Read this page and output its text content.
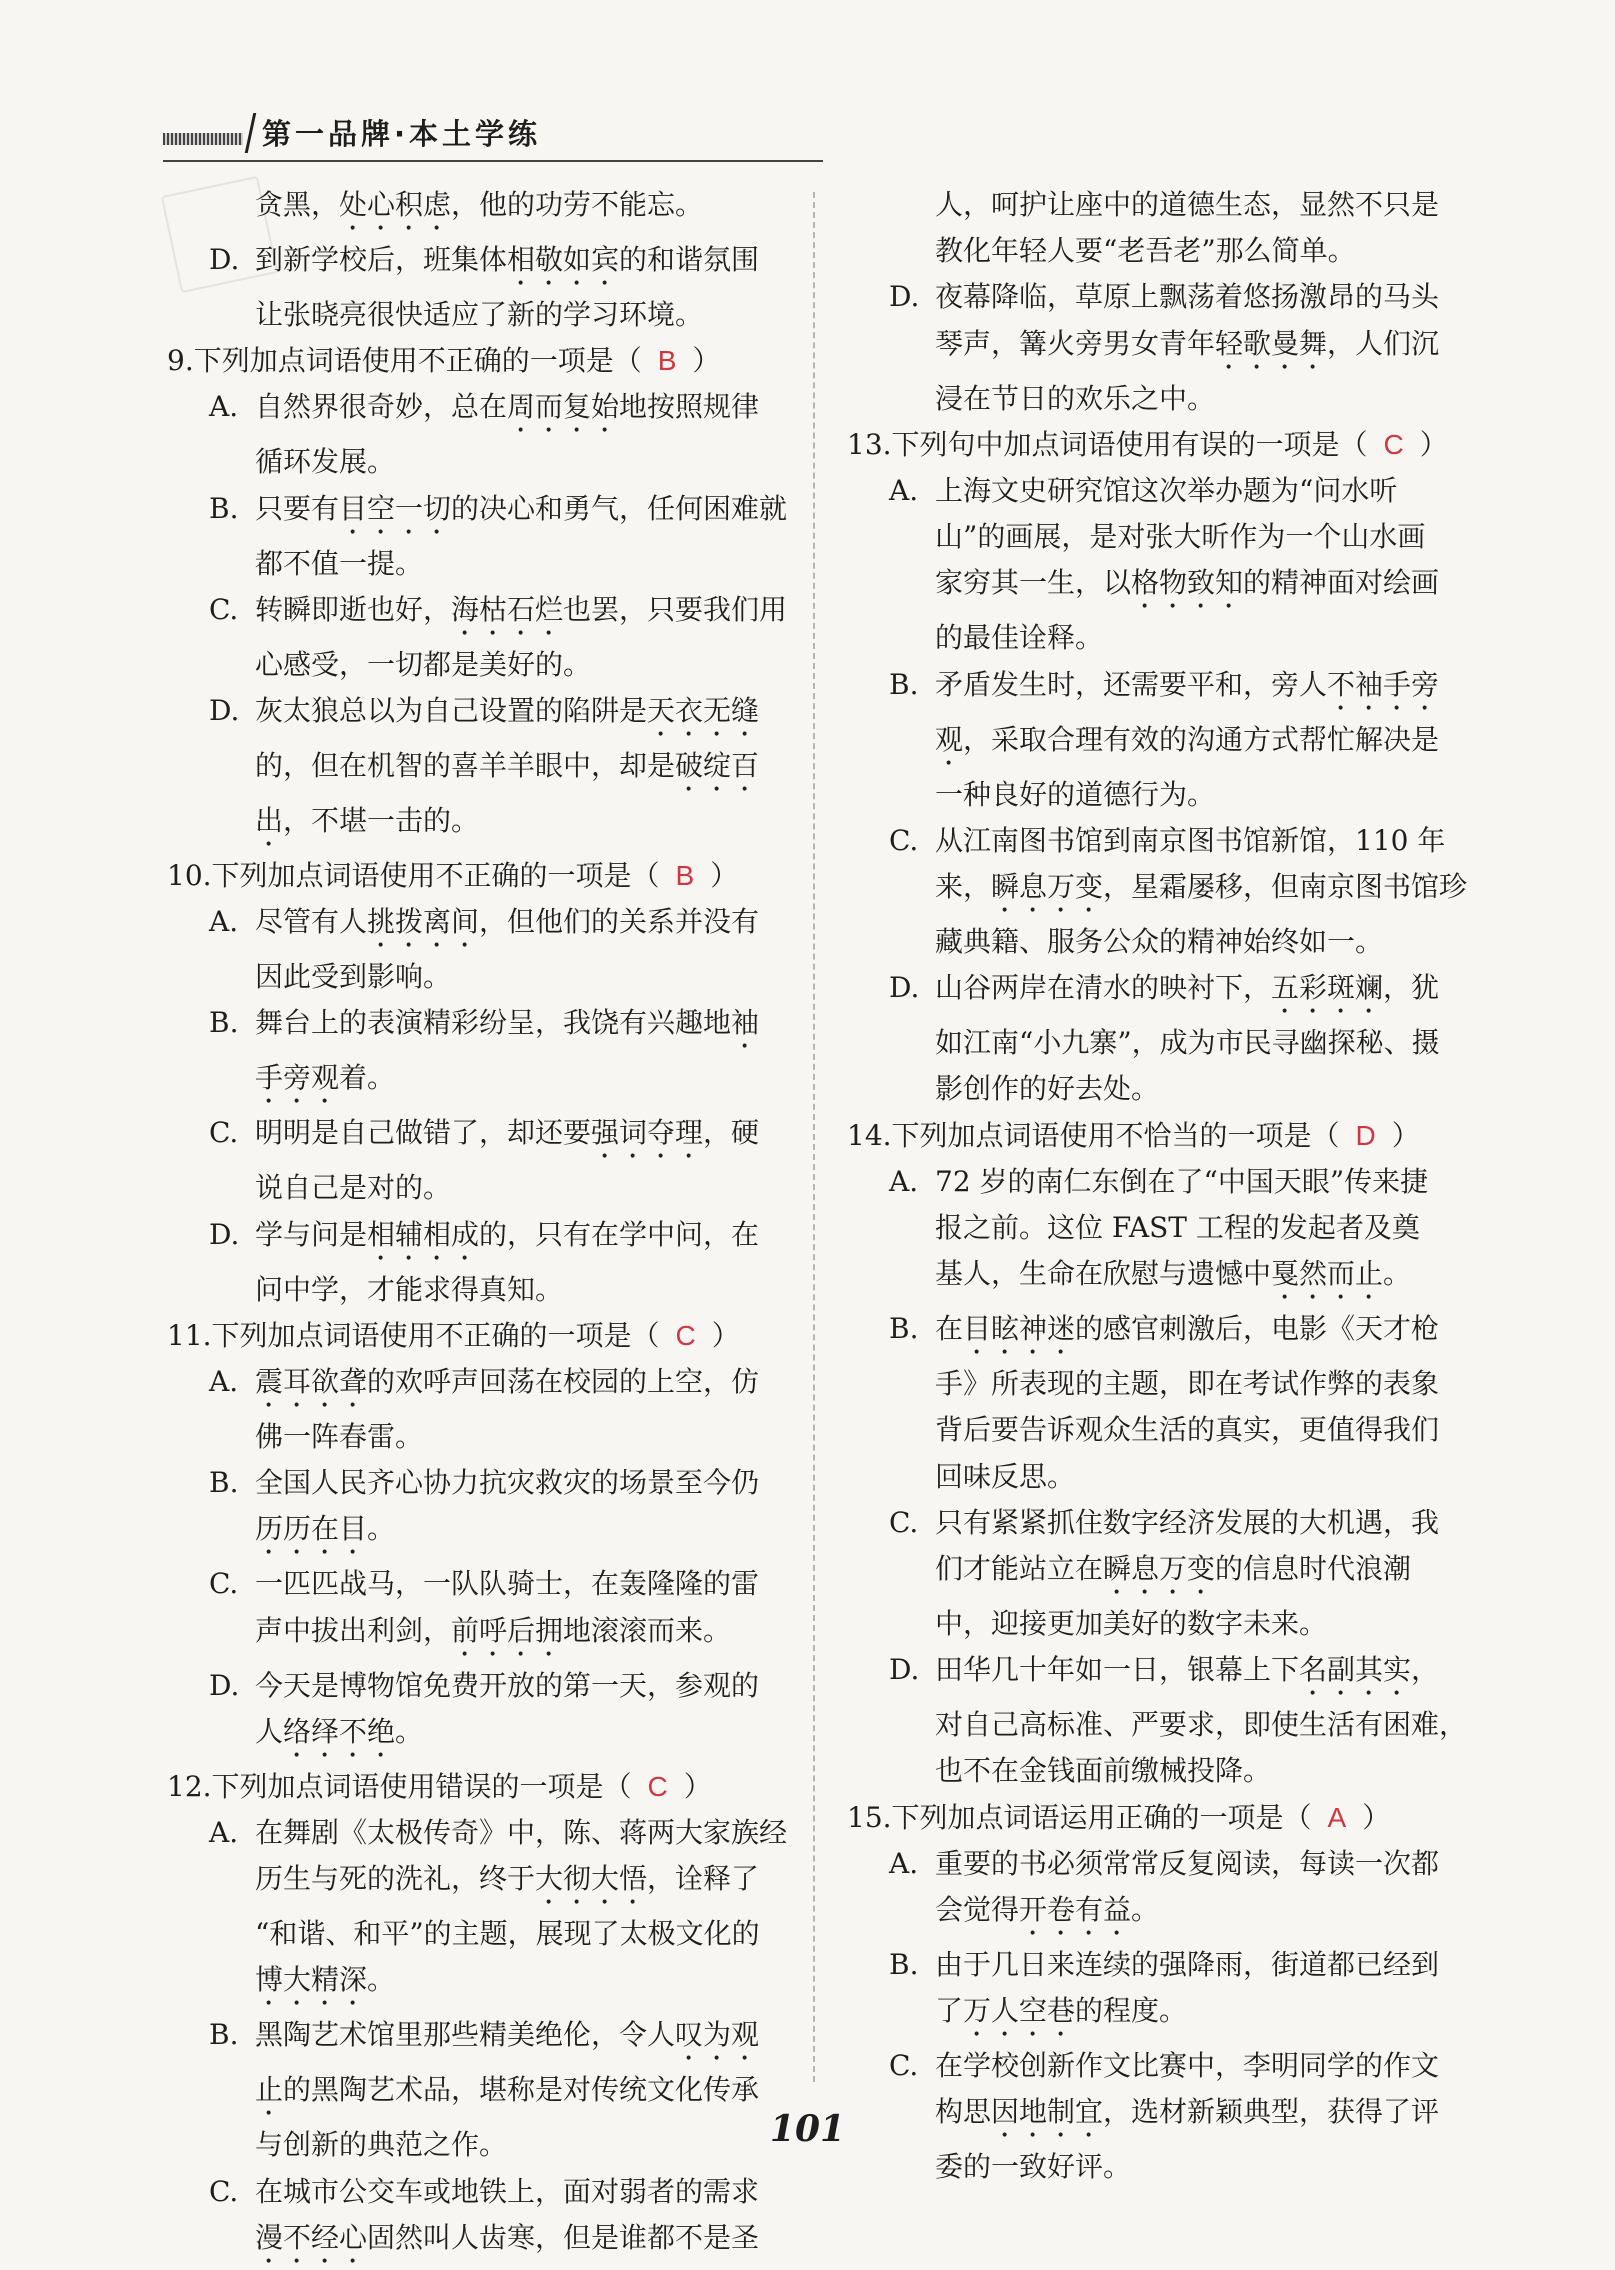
第一品牌·本土学练
贪黑，处心积虑，他的功劳不能忘。
D. 到新学校后，班集体相敬如宾的和谐氛围
让张晓亮很快适应了新的学习环境。
9.下列加点词语使用不正确的一项是（ B ）
A. 自然界很奇妙，总在周而复始地按照规律
循环发展。
B. 只要有目空一切的决心和勇气，任何困难就
都不值一提。
C. 转瞬即逝也好，海枯石烂也罢，只要我们用
心感受，一切都是美好的。
D. 灰太狼总以为自己设置的陷阱是天衣无缝
的，但在机智的喜羊羊眼中，却是破绽百
出，不堪一击的。
10.下列加点词语使用不正确的一项是（ B ）
A. 尽管有人挑拨离间，但他们的关系并没有
因此受到影响。
B. 舞台上的表演精彩纷呈，我饶有兴趣地袖
手旁观着。
C. 明明是自己做错了，却还要强词夺理，硬
说自己是对的。
D. 学与问是相辅相成的，只有在学中问，在
问中学，才能求得真知。
11.下列加点词语使用不正确的一项是（ C ）
A. 震耳欲聋的欢呼声回荡在校园的上空，仿
佛一阵春雷。
B. 全国人民齐心协力抗灾救灾的场景至今仍
历历在目。
C. 一匹匹战马，一队队骑士，在轰隆隆的雷
声中拔出利剑，前呼后拥地滚滚而来。
D. 今天是博物馆免费开放的第一天，参观的
人络绎不绝。
12.下列加点词语使用错误的一项是（ C ）
A. 在舞剧《太极传奇》中，陈、蒋两大家族经
历生与死的洗礼，终于大彻大悟，诠释了
“和谐、和平”的主题，展现了太极文化的
博大精深。
B. 黑陶艺术馆里那些精美绝伦，令人叹为观
止的黑陶艺术品，堪称是对传统文化传承
与创新的典范之作。
C. 在城市公交车或地铁上，面对弱者的需求
漫不经心固然叫人齿寒，但是谁都不是圣
人，呵护让座中的道德生态，显然不只是
教化年轻人要“老吾老”那么简单。
D. 夜幕降临，草原上飘荡着悠扬激昂的马头
琴声，篝火旁男女青年轻歌曼舞，人们沉
浸在节日的欢乐之中。
13.下列句中加点词语使用有误的一项是（ C ）
A. 上海文史研究馆这次举办题为“问水听
山”的画展，是对张大昕作为一个山水画
家穷其一生，以格物致知的精神面对绘画
的最佳诠释。
B. 矛盾发生时，还需要平和，旁人不袖手旁
观，采取合理有效的沟通方式帮忙解决是
一种良好的道德行为。
C. 从江南图书馆到南京图书馆新馆，110 年
来，瞬息万变，星霜屡移，但南京图书馆珍
藏典籍、服务公众的精神始终如一。
D. 山谷两岸在清水的映衬下，五彩斑斓，犹
如江南“小九寨”，成为市民寻幽探秘、摄
影创作的好去处。
14.下列加点词语使用不恰当的一项是（ D ）
A. 72 岁的南仁东倒在了“中国天眼”传来捷
报之前。这位 FAST 工程的发起者及奠
基人，生命在欣慰与遗憾中戛然而止。
B. 在目眩神迷的感官刺激后，电影《天才枪
手》所表现的主题，即在考试作弊的表象
背后要告诉观众生活的真实，更值得我们
回味反思。
C. 只有紧紧抓住数字经济发展的大机遇，我
们才能站立在瞬息万变的信息时代浪潮
中，迎接更加美好的数字未来。
D. 田华几十年如一日，银幕上下名副其实，
对自己高标准、严要求，即使生活有困难，
也不在金钱面前缴械投降。
15.下列加点词语运用正确的一项是（ A ）
A. 重要的书必须常常反复阅读，每读一次都
会觉得开卷有益。
B. 由于几日来连续的强降雨，街道都已经到
了万人空巷的程度。
C. 在学校创新作文比赛中，李明同学的作文
构思因地制宜，选材新颖典型，获得了评
委的一致好评。
101
